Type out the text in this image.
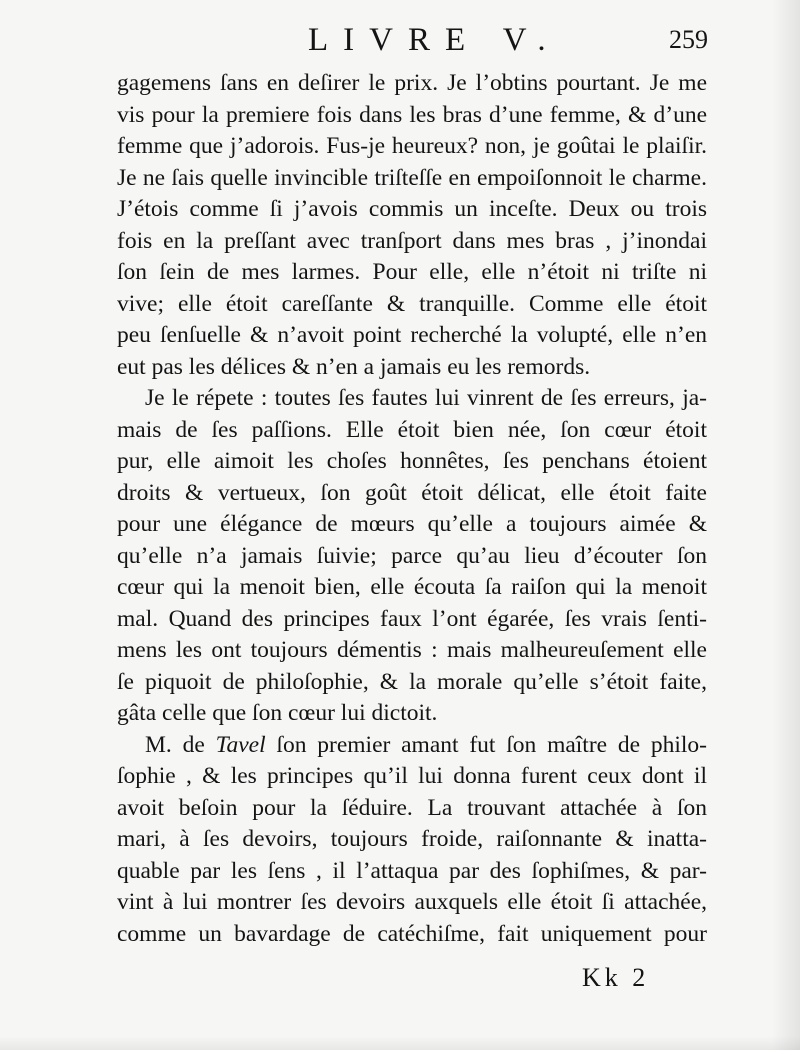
LIVRE V.	259
gagemens ſans en deſirer le prix. Je l’obtins pourtant. Je me
vis pour la premiere fois dans les bras d’une femme, & d’une
femme que j’adorois. Fus-je heureux? non, je goûtai le plaiſir.
Je ne ſais quelle invincible triſteſſe en empoiſonnoit le charme.
J’étois comme ſi j’avois commis un inceſte. Deux ou trois
fois en la preſſant avec tranſport dans mes bras , j’inondai
ſon ſein de mes larmes. Pour elle, elle n’étoit ni triſte ni
vive; elle étoit careſſante & tranquille. Comme elle étoit
peu ſenſuelle & n’avoit point recherché la volupté, elle n’en
eut pas les délices & n’en a jamais eu les remords.
Je le répete : toutes ſes fautes lui vinrent de ſes erreurs, ja-
mais de ſes paſſions. Elle étoit bien née, ſon cœur étoit
pur, elle aimoit les choſes honnêtes, ſes penchans étoient
droits & vertueux, ſon goût étoit délicat, elle étoit faite
pour une élégance de mœurs qu’elle a toujours aimée &
qu’elle n’a jamais ſuivie; parce qu’au lieu d’écouter ſon
cœur qui la menoit bien, elle écouta ſa raiſon qui la menoit
mal. Quand des principes faux l’ont égarée, ſes vrais ſenti-
mens les ont toujours démentis : mais malheureuſement elle
ſe piquoit de philoſophie, & la morale qu’elle s’étoit faite,
gâta celle que ſon cœur lui dictoit.
M. de Tavel ſon premier amant fut ſon maître de philo-
ſophie , & les principes qu’il lui donna furent ceux dont il
avoit beſoin pour la ſéduire. La trouvant attachée à ſon
mari, à ſes devoirs, toujours froide, raiſonnante & inatta-
quable par les ſens , il l’attaqua par des ſophiſmes, & par-
vint à lui montrer ſes devoirs auxquels elle étoit ſi attachée,
comme un bavardage de catéchiſme, fait uniquement pour
Kk 2
